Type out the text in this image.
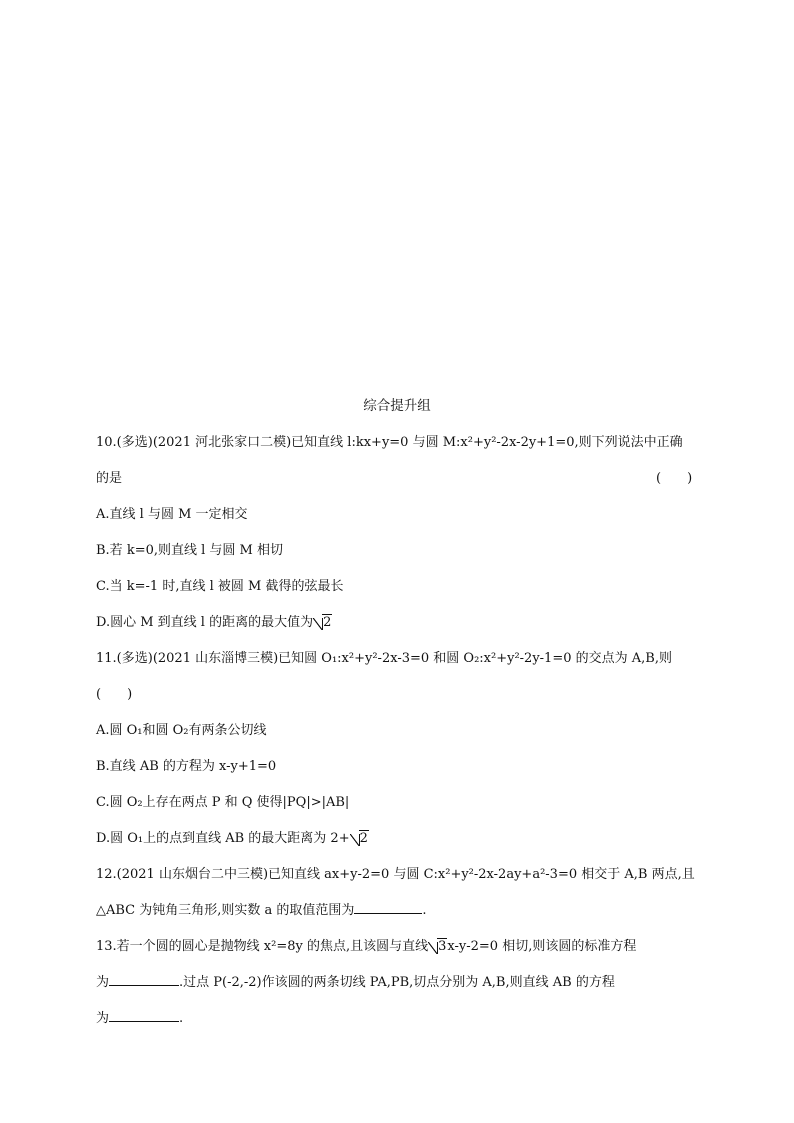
综合提升组
10.(多选)(2021 河北张家口二模)已知直线 l:kx+y=0 与圆 M:x²+y²-2x-2y+1=0,则下列说法中正确
的是	(　　)
A.直线 l 与圆 M 一定相交
B.若 k=0,则直线 l 与圆 M 相切
C.当 k=-1 时,直线 l 被圆 M 截得的弦最长
D.圆心 M 到直线 l 的距离的最大值为 2
11.(多选)(2021 山东淄博三模)已知圆 O₁:x²+y²-2x-3=0 和圆 O₂:x²+y²-2y-1=0 的交点为 A,B,则
(　　)
A.圆 O₁和圆 O₂有两条公切线
B.直线 AB 的方程为 x-y+1=0
C.圆 O₂上存在两点 P 和 Q 使得|PQ|>|AB|
D.圆 O₁上的点到直线 AB 的最大距离为 2+ 2
12.(2021 山东烟台二中三模)已知直线 ax+y-2=0 与圆 C:x²+y²-2x-2ay+a²-3=0 相交于 A,B 两点,且
△ABC 为钝角三角形,则实数 a 的取值范围为	.
13.若一个圆的圆心是抛物线 x²=8y 的焦点,且该圆与直线 3x-y-2=0 相切,则该圆的标准方程
为	.过点 P(-2,-2)作该圆的两条切线 PA,PB,切点分别为 A,B,则直线 AB 的方程
为	.
